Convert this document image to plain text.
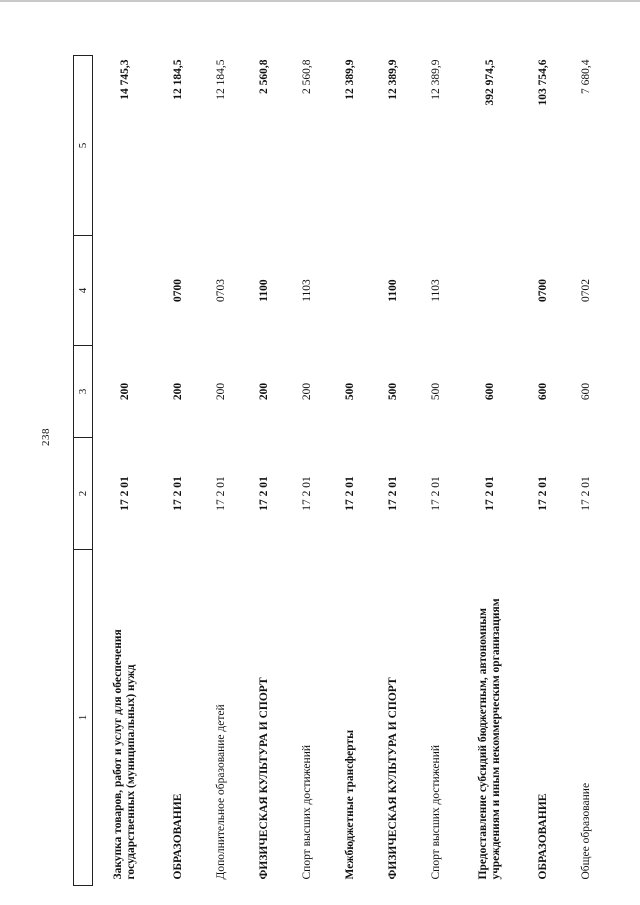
238
1	2	3	4	5
Закупка товаров, работ и услуг для обеспечения государственных (муниципальных) нужд	17 2 01	200		14 745,3
ОБРАЗОВАНИЕ	17 2 01	200	0700	12 184,5
Дополнительное образование детей	17 2 01	200	0703	12 184,5
ФИЗИЧЕСКАЯ КУЛЬТУРА И СПОРТ	17 2 01	200	1100	2 560,8
Спорт высших достижений	17 2 01	200	1103	2 560,8
Межбюджетные трансферты	17 2 01	500		12 389,9
ФИЗИЧЕСКАЯ КУЛЬТУРА И СПОРТ	17 2 01	500	1100	12 389,9
Спорт высших достижений	17 2 01	500	1103	12 389,9
Предоставление субсидий бюджетным, автономным учреждениям и иным некоммерческим организациям	17 2 01	600		392 974,5
ОБРАЗОВАНИЕ	17 2 01	600	0700	103 754,6
Общее образование	17 2 01	600	0702	7 680,4
